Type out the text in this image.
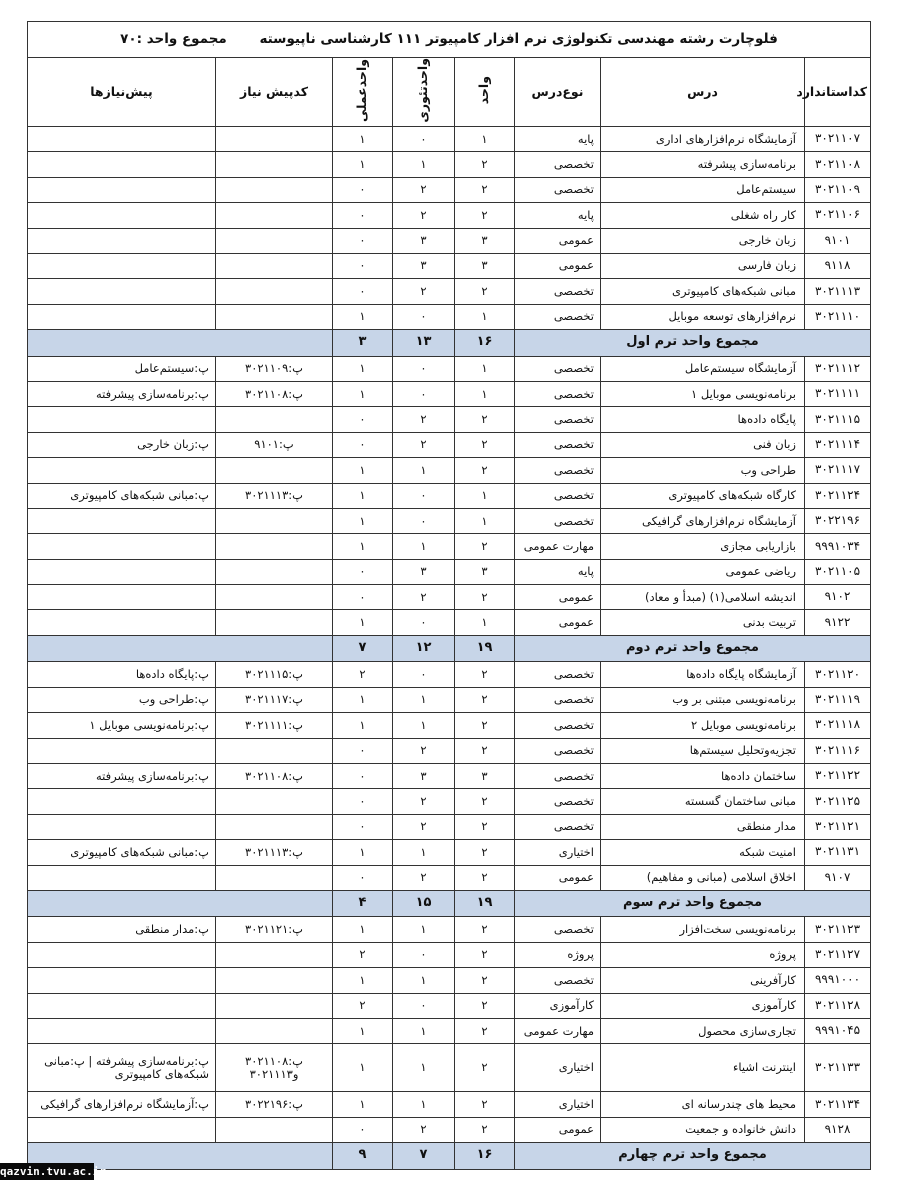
فلوچارت رشته مهندسی تکنولوژی نرم افزار کامپیوتر ۱۱۱ کارشناسی ناپیوسته مجموع واحد :۷۰							
کداستاندارد	درس	نوع‌درس	واحد	واحدتئوری	واحدعملی	کدپیش نیاز	پیش‌نیازها
۳۰۲۱۱۰۷	آزمایشگاه نرم‌افزارهای اداری	پایه	۱	۰	۱		
۳۰۲۱۱۰۸	برنامه‌سازی پیشرفته	تخصصی	۲	۱	۱		
۳۰۲۱۱۰۹	سیستم‌عامل	تخصصی	۲	۲	۰		
۳۰۲۱۱۰۶	کار راه شغلی	پایه	۲	۲	۰		
۹۱۰۱	زبان خارجی	عمومی	۳	۳	۰		
۹۱۱۸	زبان فارسی	عمومی	۳	۳	۰		
۳۰۲۱۱۱۳	مبانی شبکه‌های کامپیوتری	تخصصی	۲	۲	۰		
۳۰۲۱۱۱۰	نرم‌افزارهای توسعه موبایل	تخصصی	۱	۰	۱		
مجموع واحد ترم اول			۱۶	۱۳	۳		
۳۰۲۱۱۱۲	آزمایشگاه سیستم‌عامل	تخصصی	۱	۰	۱	پ:۳۰۲۱۱۰۹	پ:سیستم‌عامل
۳۰۲۱۱۱۱	برنامه‌نویسی موبایل ۱	تخصصی	۱	۰	۱	پ:۳۰۲۱۱۰۸	پ:برنامه‌سازی پیشرفته
۳۰۲۱۱۱۵	پایگاه داده‌ها	تخصصی	۲	۲	۰		
۳۰۲۱۱۱۴	زبان فنی	تخصصی	۲	۲	۰	پ:۹۱۰۱	پ:زبان خارجی
۳۰۲۱۱۱۷	طراحی وب	تخصصی	۲	۱	۱		
۳۰۲۱۱۲۴	کارگاه شبکه‌های کامپیوتری	تخصصی	۱	۰	۱	پ:۳۰۲۱۱۱۳	پ:مبانی شبکه‌های کامپیوتری
۳۰۲۲۱۹۶	آزمایشگاه نرم‌افزارهای گرافیکی	تخصصی	۱	۰	۱		
۹۹۹۱۰۳۴	بازاریابی مجازی	مهارت عمومی	۲	۱	۱		
۳۰۲۱۱۰۵	ریاضی عمومی	پایه	۳	۳	۰		
۹۱۰۲	اندیشه اسلامی(۱) (مبدأ و معاد)	عمومی	۲	۲	۰		
۹۱۲۲	تربیت بدنی	عمومی	۱	۰	۱		
مجموع واحد ترم دوم			۱۹	۱۲	۷		
۳۰۲۱۱۲۰	آزمایشگاه پایگاه داده‌ها	تخصصی	۲	۰	۲	پ:۳۰۲۱۱۱۵	پ:پایگاه داده‌ها
۳۰۲۱۱۱۹	برنامه‌نویسی مبتنی بر وب	تخصصی	۲	۱	۱	پ:۳۰۲۱۱۱۷	پ:طراحی وب
۳۰۲۱۱۱۸	برنامه‌نویسی موبایل ۲	تخصصی	۲	۱	۱	پ:۳۰۲۱۱۱۱	پ:برنامه‌نویسی موبایل ۱
۳۰۲۱۱۱۶	تجزیه‌وتحلیل سیستم‌ها	تخصصی	۲	۲	۰		
۳۰۲۱۱۲۲	ساختمان داده‌ها	تخصصی	۳	۳	۰	پ:۳۰۲۱۱۰۸	پ:برنامه‌سازی پیشرفته
۳۰۲۱۱۲۵	مبانی ساختمان گسسته	تخصصی	۲	۲	۰		
۳۰۲۱۱۲۱	مدار منطقی	تخصصی	۲	۲	۰		
۳۰۲۱۱۳۱	امنیت شبکه	اختیاری	۲	۱	۱	پ:۳۰۲۱۱۱۳	پ:مبانی شبکه‌های کامپیوتری
۹۱۰۷	اخلاق اسلامی (مبانی و مفاهیم)	عمومی	۲	۲	۰		
مجموع واحد ترم سوم			۱۹	۱۵	۴		
۳۰۲۱۱۲۳	برنامه‌نویسی سخت‌افزار	تخصصی	۲	۱	۱	پ:۳۰۲۱۱۲۱	پ:مدار منطقی
۳۰۲۱۱۲۷	پروژه	پروژه	۲	۰	۲		
۹۹۹۱۰۰۰	کارآفرینی	تخصصی	۲	۱	۱		
۳۰۲۱۱۲۸	کارآموزی	کارآموزی	۲	۰	۲		
۹۹۹۱۰۴۵	تجاری‌سازی محصول	مهارت عمومی	۲	۱	۱		
۳۰۲۱۱۳۳	اینترنت اشیاء	اختیاری	۲	۱	۱	پ:۳۰۲۱۱۰۸ و۳۰۲۱۱۱۳	پ:برنامه‌سازی پیشرفته | پ:مبانی شبکه‌های کامپیوتری
۳۰۲۱۱۳۴	محیط های چندرسانه ای	اختیاری	۲	۱	۱	پ:۳۰۲۲۱۹۶	پ:آزمایشگاه نرم‌افزارهای گرافیکی
۹۱۲۸	دانش خانواده و جمعیت	عمومی	۲	۲	۰		
مجموع واحد ترم چهارم			۱۶	۷	۹		
qazvin.tvu.ac.ir
